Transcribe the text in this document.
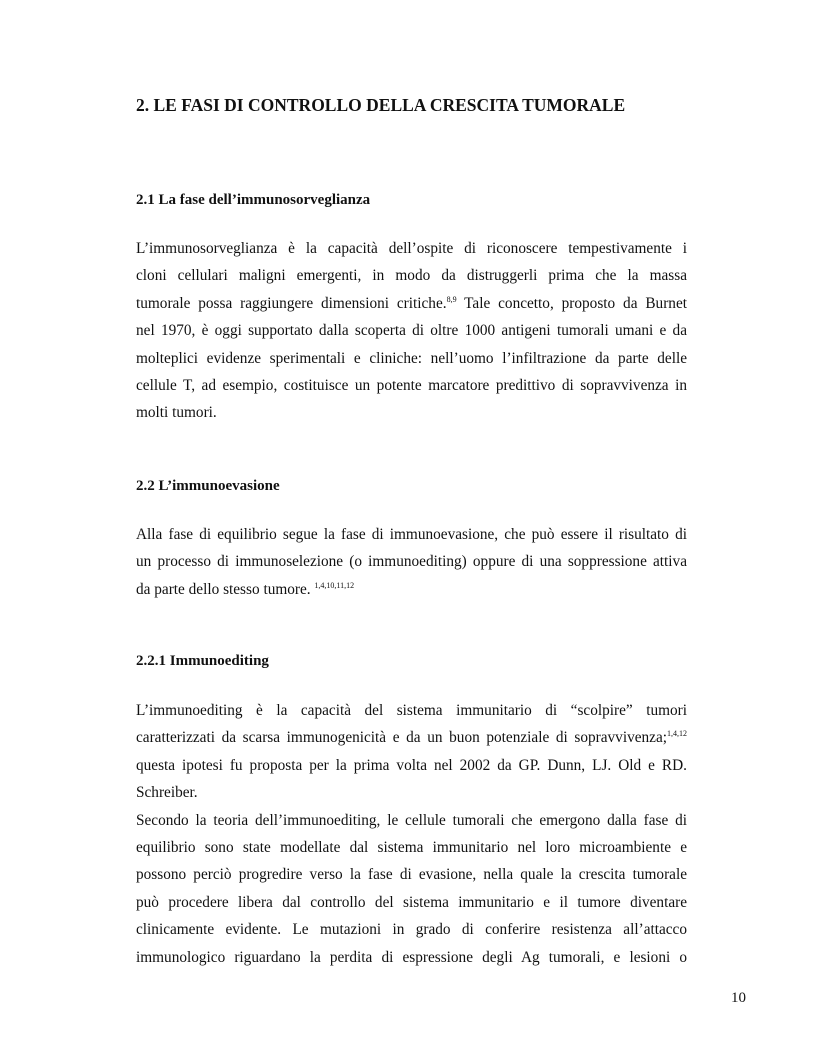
2. LE FASI DI CONTROLLO DELLA CRESCITA TUMORALE
2.1 La fase dell’immunosorveglianza
L’immunosorveglianza è la capacità dell’ospite di riconoscere tempestivamente i
cloni cellulari maligni emergenti, in modo da distruggerli prima che la massa
tumorale possa raggiungere dimensioni critiche.$^{8,9}$ Tale concetto, proposto da Burnet
nel 1970, è oggi supportato dalla scoperta di oltre 1000 antigeni tumorali umani e da
molteplici evidenze sperimentali e cliniche: nell’uomo l’infiltrazione da parte delle
cellule T, ad esempio, costituisce un potente marcatore predittivo di sopravvivenza in
molti tumori.
2.2 L’immunoevasione
Alla fase di equilibrio segue la fase di immunoevasione, che può essere il risultato di
un processo di immunoselezione (o immunoediting) oppure di una soppressione attiva
da parte dello stesso tumore. $^{1,4,10,11,12}$
2.2.1 Immunoediting
L’immunoediting è la capacità del sistema immunitario di “scolpire” tumori
caratterizzati da scarsa immunogenicità e da un buon potenziale di sopravvivenza;$^{1,4,12}$
questa ipotesi fu proposta per la prima volta nel 2002 da GP. Dunn, LJ. Old e RD.
Schreiber.
Secondo la teoria dell’immunoediting, le cellule tumorali che emergono dalla fase di
equilibrio sono state modellate dal sistema immunitario nel loro microambiente e
possono perciò progredire verso la fase di evasione, nella quale la crescita tumorale
può procedere libera dal controllo del sistema immunitario e il tumore diventare
clinicamente evidente. Le mutazioni in grado di conferire resistenza all’attacco
immunologico riguardano la perdita di espressione degli Ag tumorali, e lesioni o
10
